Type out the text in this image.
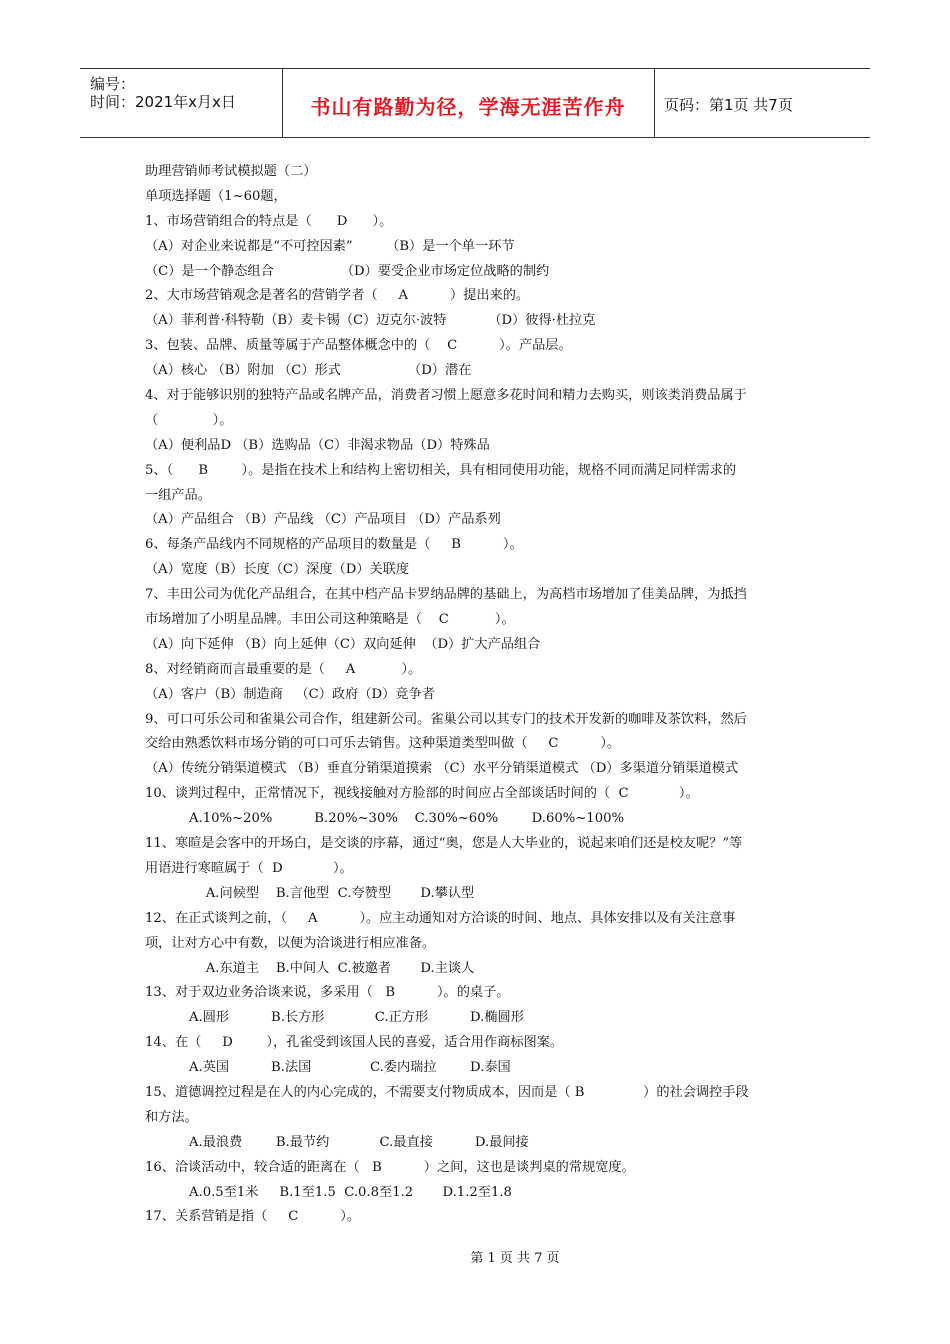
编号：
时间：2021年x月x日	书山有路勤为径，学海无涯苦作舟	页码：第1页 共7页
助理营销师考试模拟题（二）
单项选择题（1~60题，
1、市场营销组合的特点是（      D      ）。
（A）对企业来说都是“不可控因素”        （B）是一个单一环节
（C）是一个静态组合                （D）要受企业市场定位战略的制约
2、大市场营销观念是著名的营销学者（     A          ）提出来的。
（A）菲利普·科特勒（B）麦卡锡（C）迈克尔·波特          （D）彼得·杜拉克
3、包装、品牌、质量等属于产品整体概念中的（    C          ）。产品层。
（A）核心 （B）附加 （C）形式                （D）潜在
4、对于能够识别的独特产品或名牌产品，消费者习惯上愿意多花时间和精力去购买，则该类消费品属于
（             ）。
（A）便利品D （B）选购品（C）非渴求物品（D）特殊品
5、（      B        ）。是指在技术上和结构上密切相关，具有相同使用功能，规格不同而满足同样需求的
一组产品。
（A）产品组合 （B）产品线 （C）产品项目 （D）产品系列
6、每条产品线内不同规格的产品项目的数量是（     B          ）。
（A）宽度（B）长度（C）深度（D）关联度
7、丰田公司为优化产品组合，在其中档产品卡罗纳品牌的基础上，为高档市场增加了佳美品牌，为抵挡
市场增加了小明星品牌。丰田公司这种策略是（    C           ）。
（A）向下延伸 （B）向上延伸（C）双向延伸  （D）扩大产品组合
8、对经销商而言最重要的是（     A           ）。
（A）客户（B）制造商   （C）政府（D）竞争者
9、可口可乐公司和雀巢公司合作，组建新公司。雀巢公司以其专门的技术开发新的咖啡及茶饮料，然后
交给由熟悉饮料市场分销的可口可乐去销售。这种渠道类型叫做（     C          ）。
（A）传统分销渠道模式 （B）垂直分销渠道摸索 （C）水平分销渠道模式 （D）多渠道分销渠道模式
10、谈判过程中，正常情况下，视线接触对方脸部的时间应占全部谈话时间的（  C            ）。
A.10%~20%          B.20%~30%    C.30%~60%        D.60%~100%
11、寒暄是会客中的开场白，是交谈的序幕，通过“奥，您是人大毕业的，说起来咱们还是校友呢？”等
用语进行寒暄属于（  D            ）。
A.问候型    B.言他型  C.夸赞型       D.攀认型
12、在正式谈判之前，（     A          ）。应主动通知对方洽谈的时间、地点、具体安排以及有关注意事
项，让对方心中有数，以便为洽谈进行相应准备。
A.东道主    B.中间人  C.被邀者       D.主谈人
13、对于双边业务洽谈来说，多采用（   B          ）。的桌子。
A.圆形          B.长方形            C.正方形          D.椭圆形
14、在（     D        ），孔雀受到该国人民的喜爱，适合用作商标图案。
A.英国          B.法国              C.委内瑞拉        D.泰国
15、道德调控过程是在人的内心完成的，不需要支付物质成本，因而是（ B              ）的社会调控手段
和方法。
A.最浪费        B.最节约            C.最直接          D.最间接
16、洽谈活动中，较合适的距离在（   B          ）之间，这也是谈判桌的常规宽度。
A.0.5至1米     B.1至1.5  C.0.8至1.2       D.1.2至1.8
17、关系营销是指（     C          ）。
第 1 页 共 7 页
